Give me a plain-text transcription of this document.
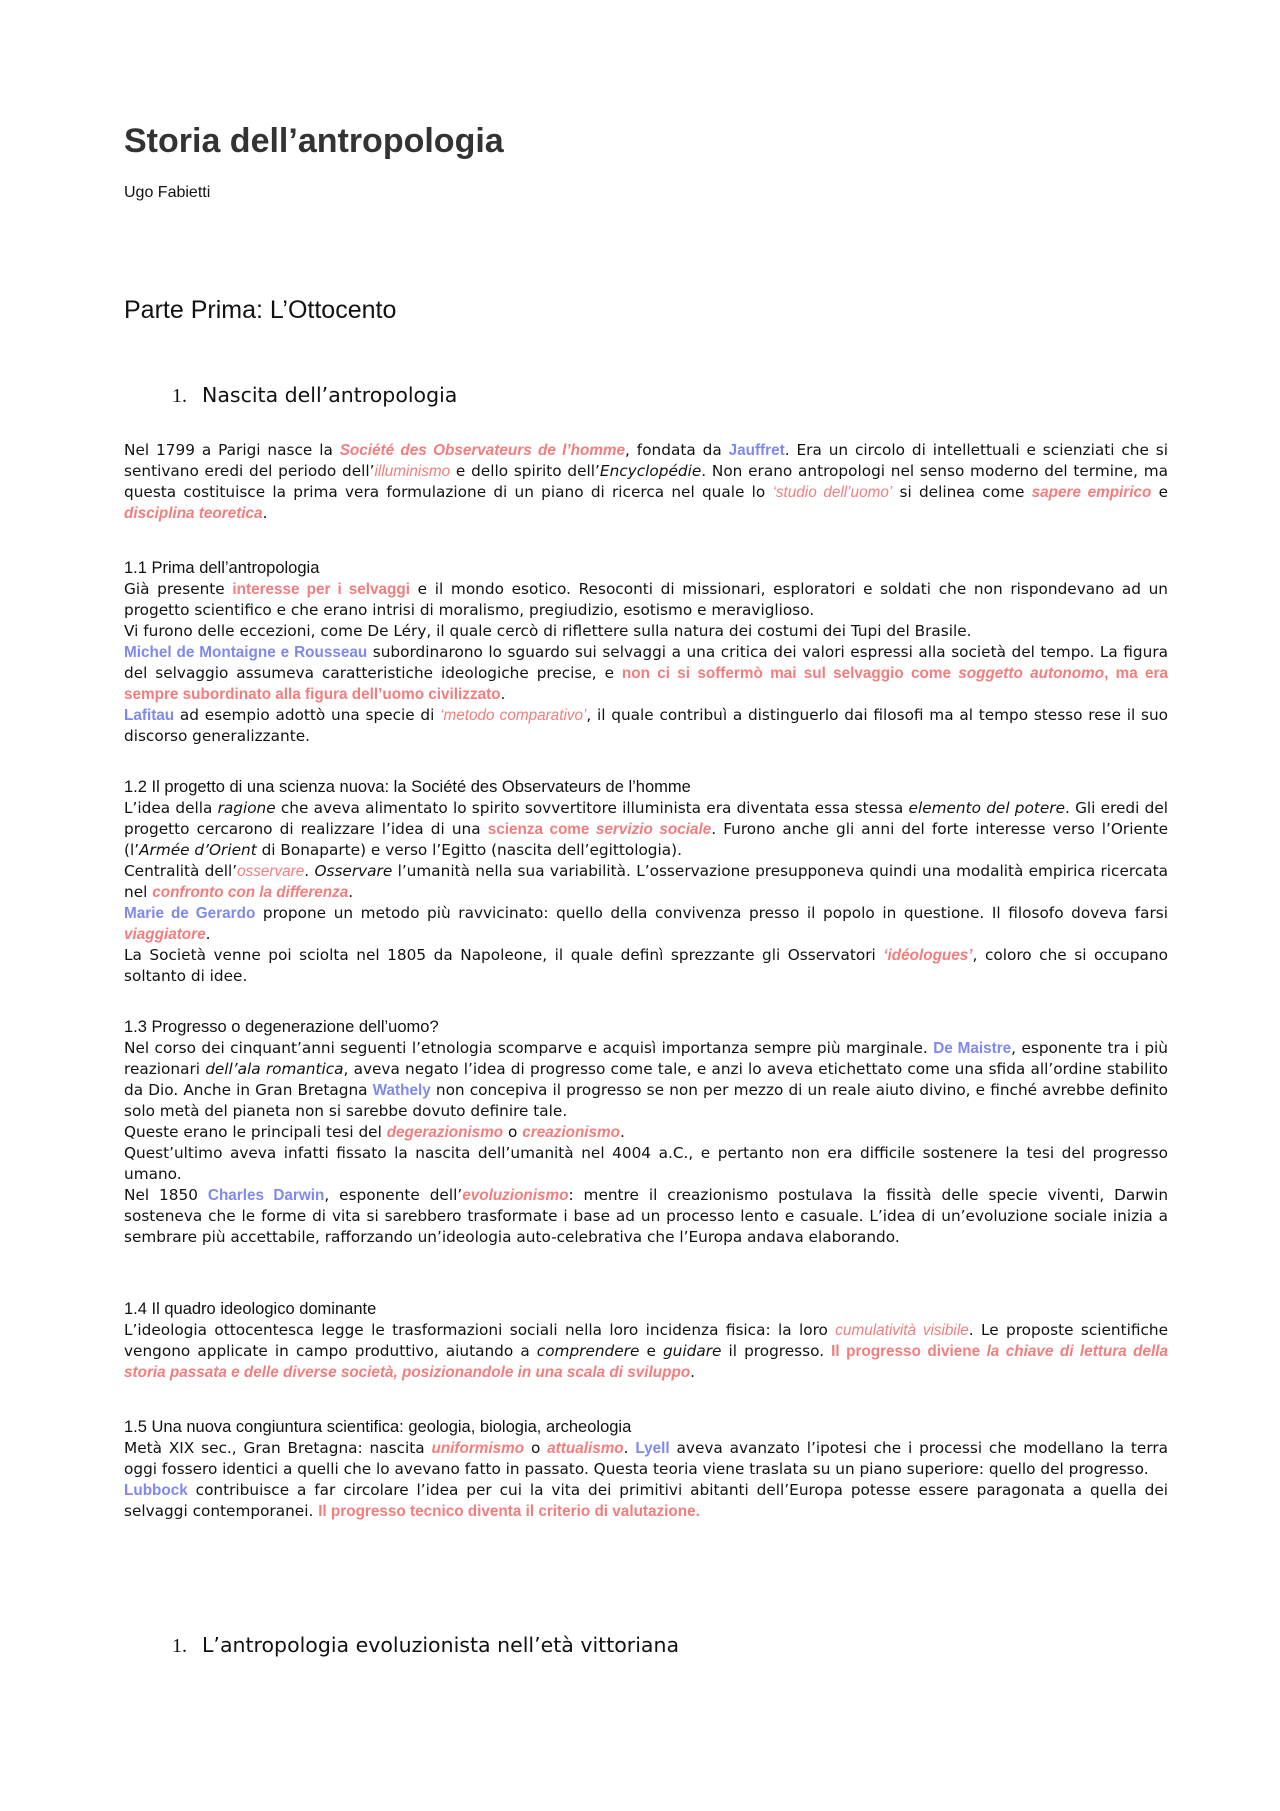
Storia dell’antropologia
Ugo Fabietti
Parte Prima: L’Ottocento
1. Nascita dell’antropologia

Nel 1799 a Parigi nasce la Société des Observateurs de l’homme, fondata da Jauffret. Era un circolo di intellettuali e scienziati che si sentivano eredi del periodo dell’illuminismo e dello spirito dell’Encyclopédie. Non erano antropologi nel senso moderno del termine, ma questa costituisce la prima vera formulazione di un piano di ricerca nel quale lo ‘studio dell’uomo’ si delinea come sapere empirico e disciplina teoretica.

1.1 Prima dell’antropologia

Già presente interesse per i selvaggi e il mondo esotico. Resoconti di missionari, esploratori e soldati che non rispondevano ad un progetto scientifico e che erano intrisi di moralismo, pregiudizio, esotismo e meraviglioso.

Vi furono delle eccezioni, come De Léry, il quale cercò di riflettere sulla natura dei costumi dei Tupi del Brasile.

Michel de Montaigne e Rousseau subordinarono lo sguardo sui selvaggi a una critica dei valori espressi alla società del tempo. La figura del selvaggio assumeva caratteristiche ideologiche precise, e non ci si soffermò mai sul selvaggio come soggetto autonomo, ma era sempre subordinato alla figura dell’uomo civilizzato.

Lafitau ad esempio adottò una specie di ‘metodo comparativo’, il quale contribuì a distinguerlo dai filosofi ma al tempo stesso rese il suo discorso generalizzante.

1.2 Il progetto di una scienza nuova: la Société des Observateurs de l’homme

L’idea della ragione che aveva alimentato lo spirito sovvertitore illuminista era diventata essa stessa elemento del potere. Gli eredi del progetto cercarono di realizzare l’idea di una scienza come servizio sociale. Furono anche gli anni del forte interesse verso l’Oriente (l’Armée d’Orient di Bonaparte) e verso l’Egitto (nascita dell’egittologia).

Centralità dell’osservare. Osservare l’umanità nella sua variabilità. L’osservazione presupponeva quindi una modalità empirica ricercata nel confronto con la differenza.

Marie de Gerardo propone un metodo più ravvicinato: quello della convivenza presso il popolo in questione. Il filosofo doveva farsi viaggiatore.

La Società venne poi sciolta nel 1805 da Napoleone, il quale definì sprezzante gli Osservatori ‘idéologues’, coloro che si occupano soltanto di idee.

1.3 Progresso o degenerazione dell’uomo?

Nel corso dei cinquant’anni seguenti l’etnologia scomparve e acquisì importanza sempre più marginale. De Maistre, esponente tra i più reazionari dell’ala romantica, aveva negato l’idea di progresso come tale, e anzi lo aveva etichettato come una sfida all’ordine stabilito da Dio. Anche in Gran Bretagna Wathely non concepiva il progresso se non per mezzo di un reale aiuto divino, e finché avrebbe definito solo metà del pianeta non si sarebbe dovuto definire tale.

Queste erano le principali tesi del degerazionismo o creazionismo.

Quest’ultimo aveva infatti fissato la nascita dell’umanità nel 4004 a.C., e pertanto non era difficile sostenere la tesi del progresso umano.

Nel 1850 Charles Darwin, esponente dell’evoluzionismo: mentre il creazionismo postulava la fissità delle specie viventi, Darwin sosteneva che le forme di vita si sarebbero trasformate i base ad un processo lento e casuale. L’idea di un’evoluzione sociale inizia a sembrare più accettabile, rafforzando un’ideologia auto-celebrativa che l’Europa andava elaborando.

1.4 Il quadro ideologico dominante

L’ideologia ottocentesca legge le trasformazioni sociali nella loro incidenza fisica: la loro cumulatività visibile. Le proposte scientifiche vengono applicate in campo produttivo, aiutando a comprendere e guidare il progresso. Il progresso diviene la chiave di lettura della storia passata e delle diverse società, posizionandole in una scala di sviluppo.

1.5 Una nuova congiuntura scientifica: geologia, biologia, archeologia

Metà XIX sec., Gran Bretagna: nascita uniformismo o attualismo. Lyell aveva avanzato l’ipotesi che i processi che modellano la terra oggi fossero identici a quelli che lo avevano fatto in passato. Questa teoria viene traslata su un piano superiore: quello del progresso.

Lubbock contribuisce a far circolare l’idea per cui la vita dei primitivi abitanti dell’Europa potesse essere paragonata a quella dei selvaggi contemporanei. Il progresso tecnico diventa il criterio di valutazione.

1. L’antropologia evoluzionista nell’età vittoriana
